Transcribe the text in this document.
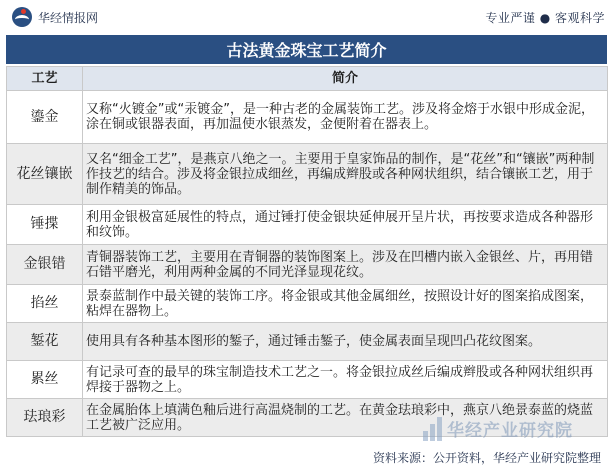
华经情报网	专业严谨 ● 客观科学
古法黄金珠宝工艺简介
工艺	简介
鎏金	又称“火镀金”或“汞镀金”，是一种古老的金属装饰工艺。涉及将金熔于水银中形成金泥，涂在铜或银器表面，再加温使水银蒸发，金便附着在器表上。
花丝镶嵌	又名“细金工艺”，是燕京八绝之一。主要用于皇家饰品的制作，是“花丝”和“镶嵌”两种制作技艺的结合。涉及将金银拉成细丝，再编成辫股或各种网状组织，结合镶嵌工艺，用于制作精美的饰品。
锤揲	利用金银极富延展性的特点，通过锤打使金银块延伸展开呈片状，再按要求造成各种器形和纹饰。
金银错	青铜器装饰工艺，主要用在青铜器的装饰图案上。涉及在凹槽内嵌入金银丝、片，再用错石错平磨光，利用两种金属的不同光泽显现花纹。
掐丝	景泰蓝制作中最关键的装饰工序。将金银或其他金属细丝，按照设计好的图案掐成图案，粘焊在器物上。
錾花	使用具有各种基本图形的錾子，通过锤击錾子，使金属表面呈现凹凸花纹图案。
累丝	有记录可查的最早的珠宝制造技术工艺之一。将金银拉成丝后编成辫股或各种网状组织再焊接于器物之上。
珐琅彩	在金属胎体上填满色釉后进行高温烧制的工艺。在黄金珐琅彩中，燕京八绝景泰蓝的烧蓝工艺被广泛应用。	华经产业研究院
资料来源：公开资料，华经产业研究院整理
